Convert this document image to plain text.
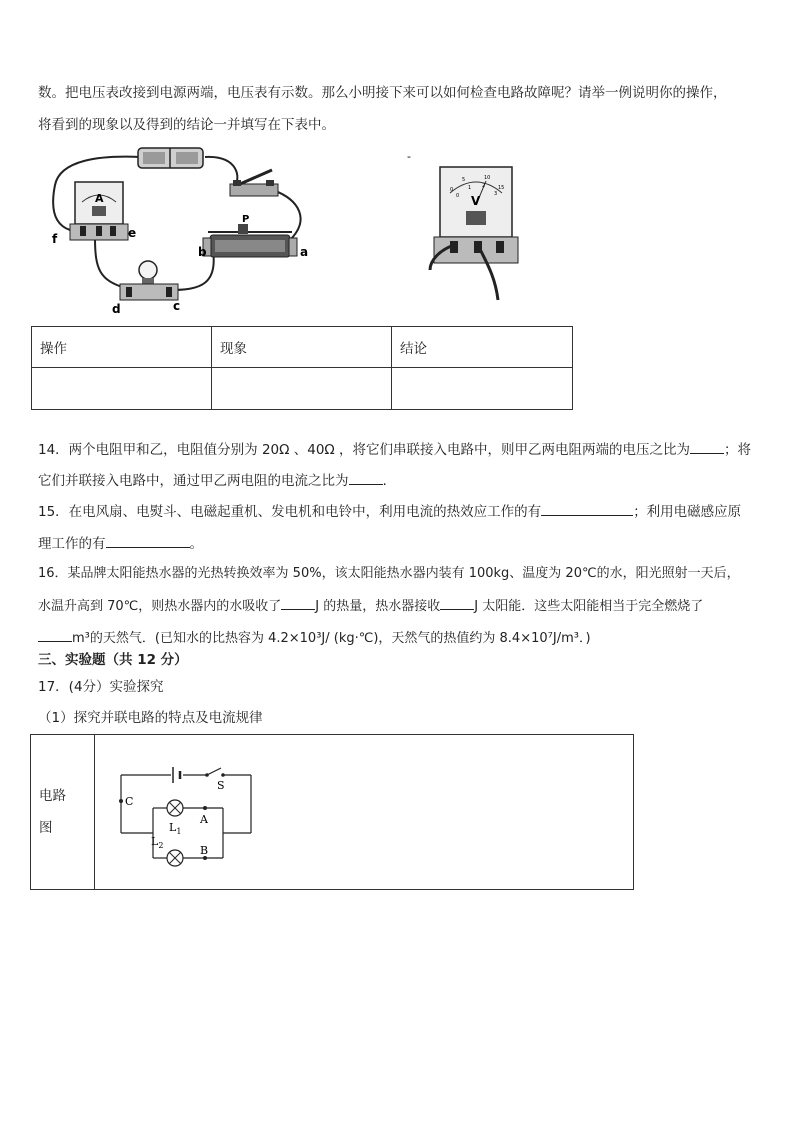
数。把电压表改接到电源两端，电压表有示数。那么小明接下来可以如何检查电路故障呢？请举一例说明你的操作，
将看到的现象以及得到的结论一并填写在下表中。
A
f	e
P
b	a
d	c
-
V
0
5	10
15
0
1 2
3
操作	现象	结论

14．两个电阻甲和乙，电阻值分别为 20Ω 、40Ω ，将它们串联接入电路中，则甲乙两电阻两端的电压之比为	；将
它们并联接入电路中，通过甲乙两电阻的电流之比为	.
15．在电风扇、电熨斗、电磁起重机、发电机和电铃中，利用电流的热效应工作的有	；利用电磁感应原
理工作的有	。
16．某品牌太阳能热水器的光热转换效率为 50%，该太阳能热水器内装有 100kg、温度为 20℃的水，阳光照射一天后，
水温升高到 70℃，则热水器内的水吸收了	J 的热量，热水器接收	J 太阳能．这些太阳能相当于完全燃烧了
m³的天然气．(已知水的比热容为 4.2×10³J/ (kg·℃)，天然气的热值约为 8.4×10⁷J/m³．)
三、实验题（共 12 分）
17．(4分）实验探究
（1）探究并联电路的特点及电流规律
电路
图

S
C
A
B
$L_1$
$L_2$
